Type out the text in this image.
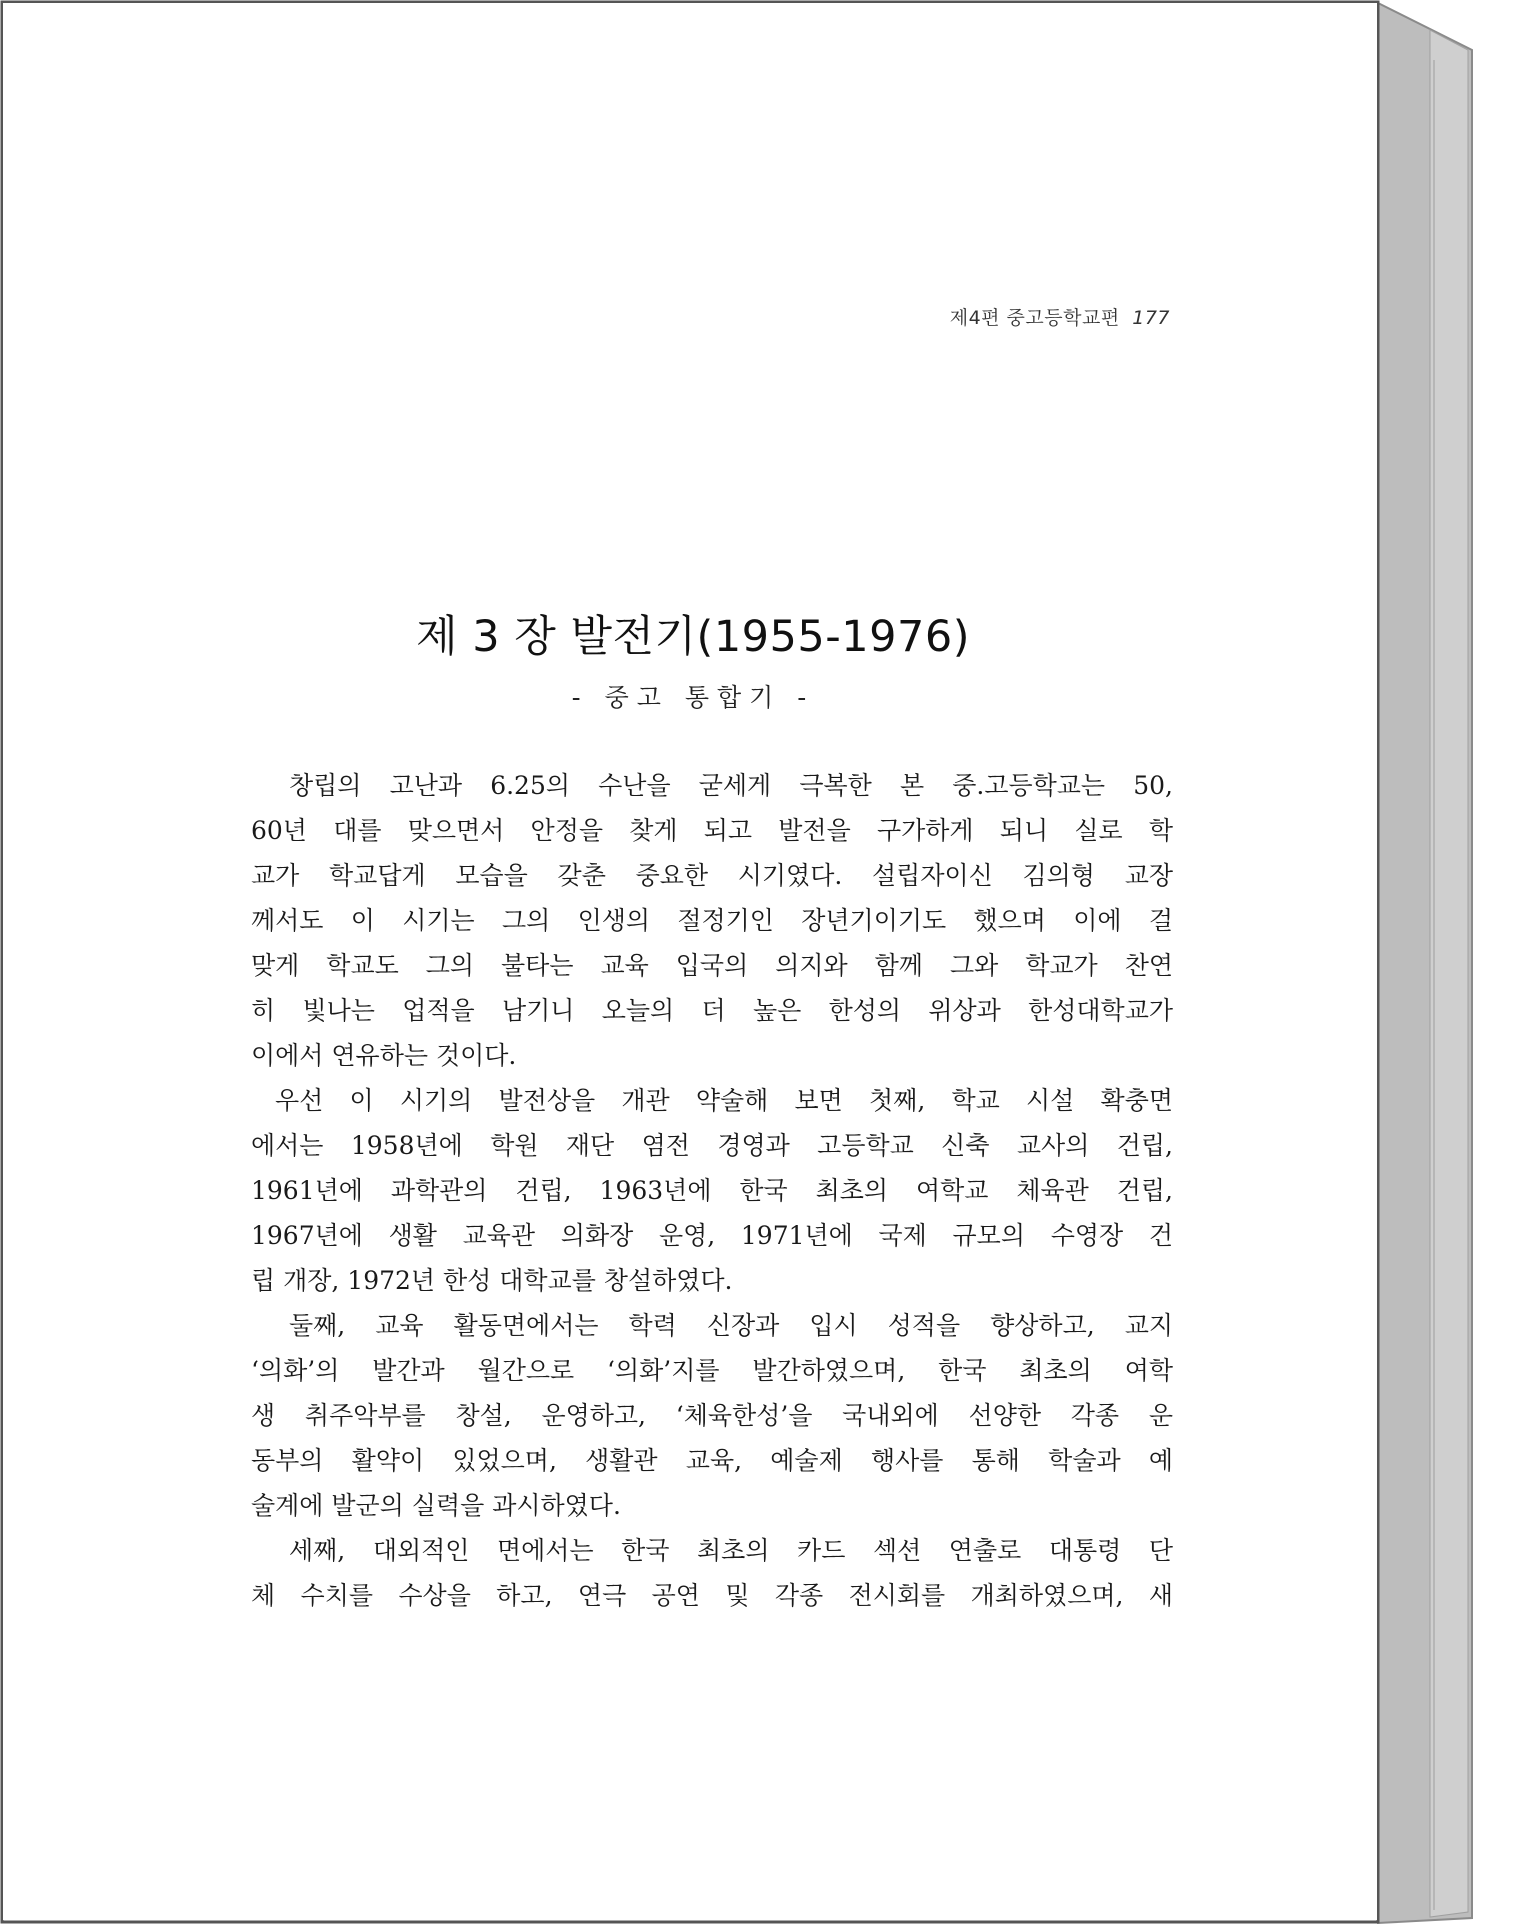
제4편 중고등학교편 177
제 3 장 발전기(1955-1976)
- 중고 통합기 -
창립의 고난과 6.25의 수난을 굳세게 극복한 본 중.고등학교는 50,
60년 대를 맞으면서 안정을 찾게 되고 발전을 구가하게 되니 실로 학
교가 학교답게 모습을 갖춘 중요한 시기였다. 설립자이신 김의형 교장
께서도 이 시기는 그의 인생의 절정기인 장년기이기도 했으며 이에 걸
맞게 학교도 그의 불타는 교육 입국의 의지와 함께 그와 학교가 찬연
히 빛나는 업적을 남기니 오늘의 더 높은 한성의 위상과 한성대학교가
이에서 연유하는 것이다.
우선 이 시기의 발전상을 개관 약술해 보면 첫째, 학교 시설 확충면
에서는 1958년에 학원 재단 염전 경영과 고등학교 신축 교사의 건립,
1961년에 과학관의 건립, 1963년에 한국 최초의 여학교 체육관 건립,
1967년에 생활 교육관 의화장 운영, 1971년에 국제 규모의 수영장 건
립 개장, 1972년 한성 대학교를 창설하였다.
둘째, 교육 활동면에서는 학력 신장과 입시 성적을 향상하고, 교지
‘의화’의 발간과 월간으로 ‘의화’지를 발간하였으며, 한국 최초의 여학
생 취주악부를 창설, 운영하고, ‘체육한성’을 국내외에 선양한 각종 운
동부의 활약이 있었으며, 생활관 교육, 예술제 행사를 통해 학술과 예
술계에 발군의 실력을 과시하였다.
세째, 대외적인 면에서는 한국 최초의 카드 섹션 연출로 대통령 단
체 수치를 수상을 하고, 연극 공연 및 각종 전시회를 개최하였으며, 새
